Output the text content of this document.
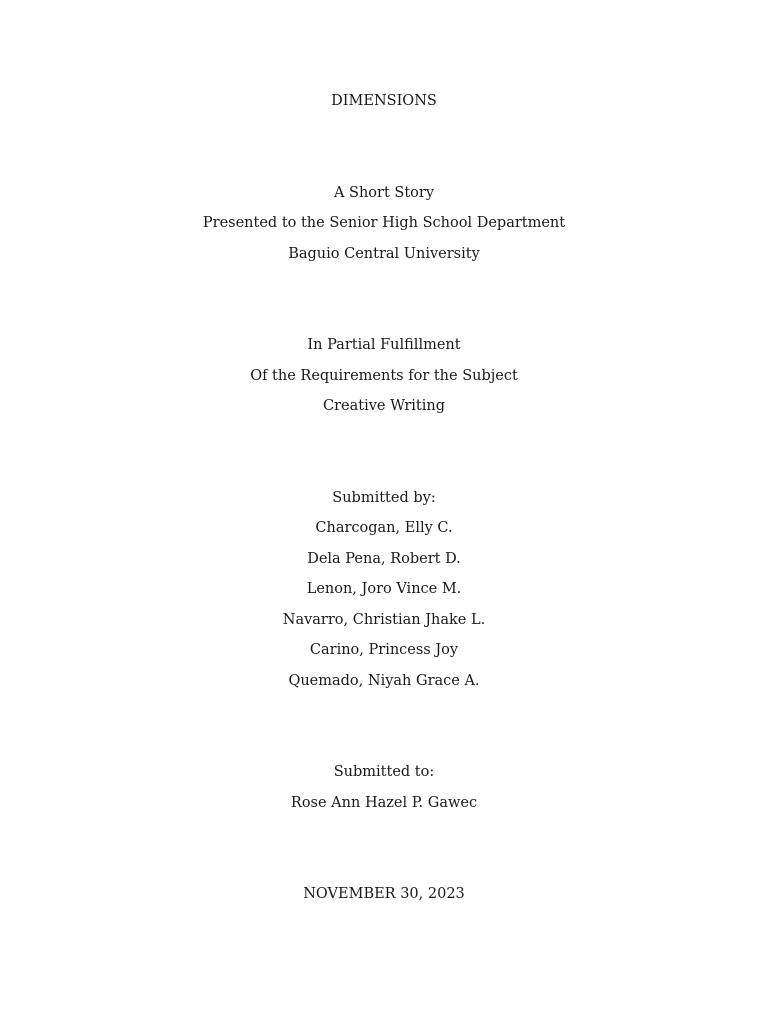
DIMENSIONS
A Short Story
Presented to the Senior High School Department
Baguio Central University
In Partial Fulfillment
Of the Requirements for the Subject
Creative Writing
Submitted by:
Charcogan, Elly C.
Dela Pena, Robert D.
Lenon, Joro Vince M.
Navarro, Christian Jhake L.
Carino, Princess Joy
Quemado, Niyah Grace A.
Submitted to:
Rose Ann Hazel P. Gawec
NOVEMBER 30, 2023
